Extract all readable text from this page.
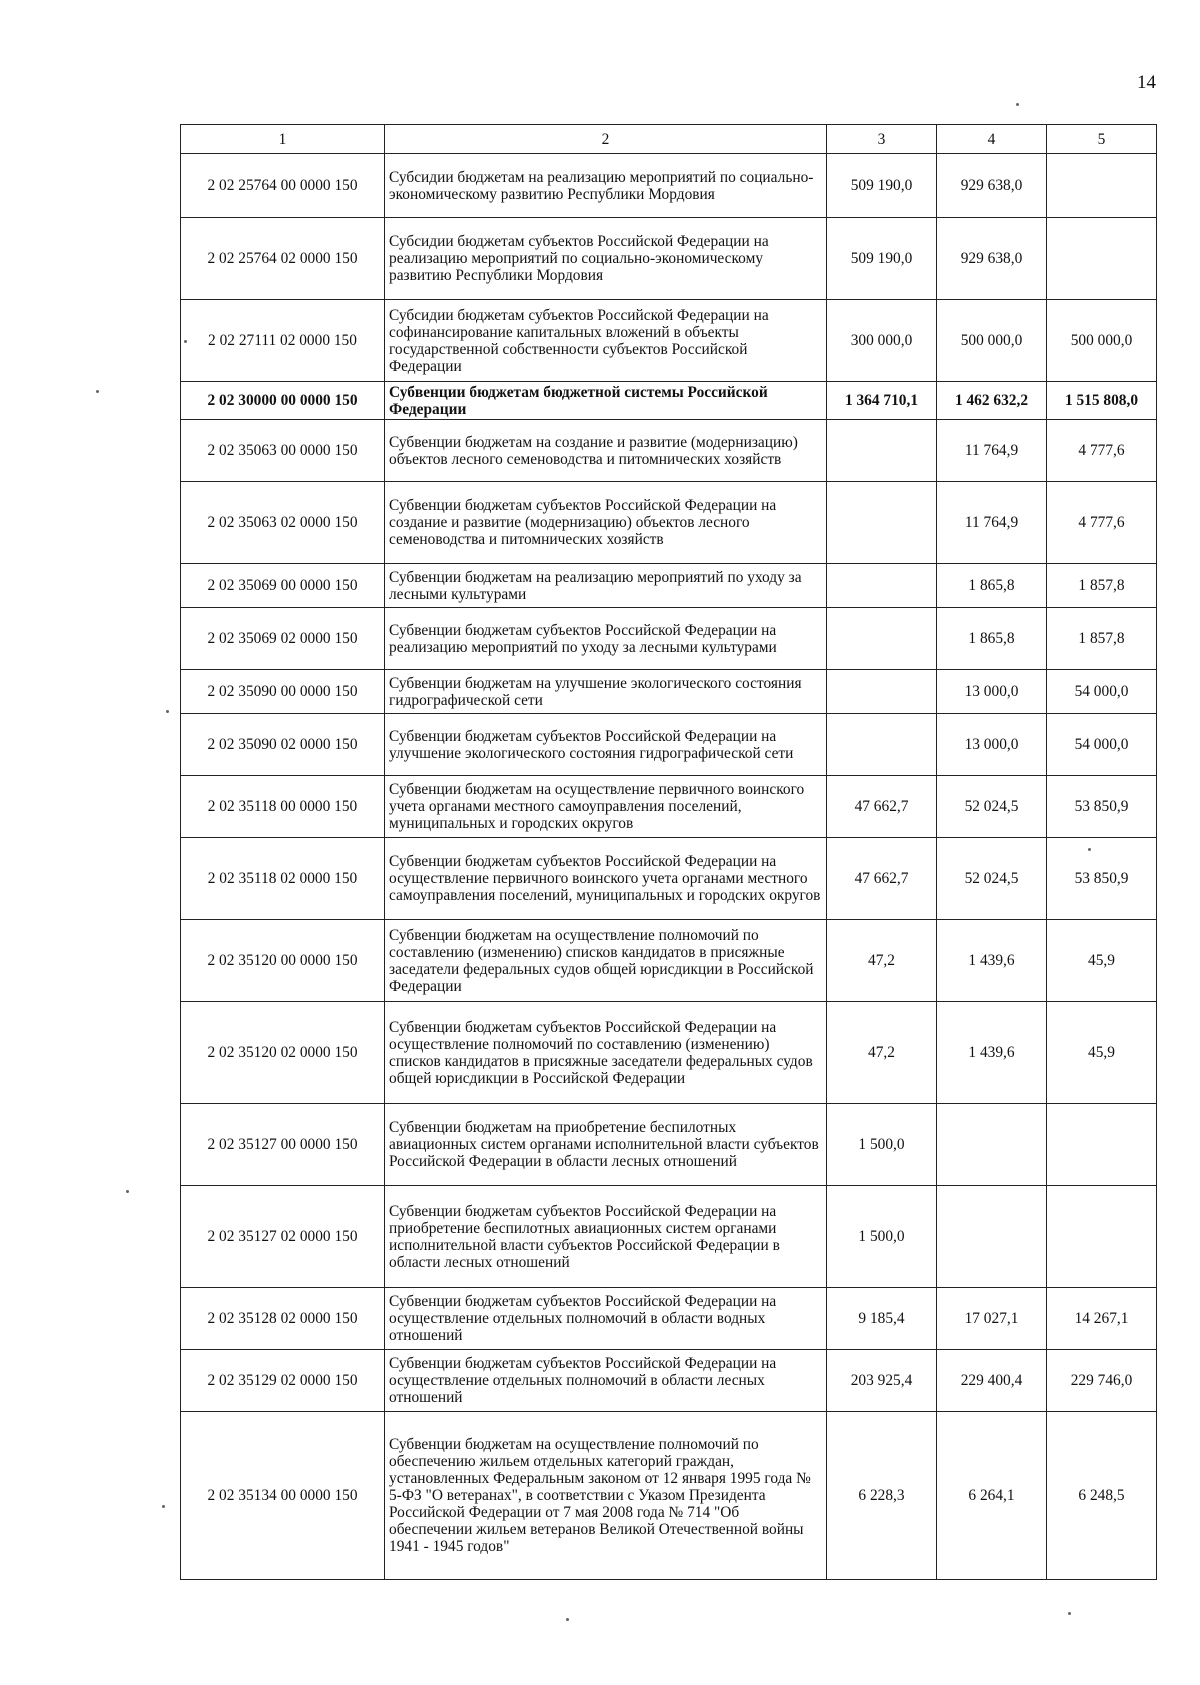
14
1	2	3	4	5
2 02 25764 00 0000 150	Субсидии бюджетам на реализацию мероприятий по социально-экономическому развитию Республики Мордовия	509 190,0	929 638,0	
2 02 25764 02 0000 150	Субсидии бюджетам субъектов Российской Федерации на реализацию мероприятий по социально-экономическому развитию Республики Мордовия	509 190,0	929 638,0	
2 02 27111 02 0000 150	Субсидии бюджетам субъектов Российской Федерации на софинансирование капитальных вложений в объекты государственной собственности субъектов Российской Федерации	300 000,0	500 000,0	500 000,0
2 02 30000 00 0000 150	Субвенции бюджетам бюджетной системы Российской Федерации	1 364 710,1	1 462 632,2	1 515 808,0
2 02 35063 00 0000 150	Субвенции бюджетам на создание и развитие (модернизацию) объектов лесного семеноводства и питомнических хозяйств		11 764,9	4 777,6
2 02 35063 02 0000 150	Субвенции бюджетам субъектов Российской Федерации на создание и развитие (модернизацию) объектов лесного семеноводства и питомнических хозяйств		11 764,9	4 777,6
2 02 35069 00 0000 150	Субвенции бюджетам на реализацию мероприятий по уходу за лесными культурами		1 865,8	1 857,8
2 02 35069 02 0000 150	Субвенции бюджетам субъектов Российской Федерации на реализацию мероприятий по уходу за лесными культурами		1 865,8	1 857,8
2 02 35090 00 0000 150	Субвенции бюджетам на улучшение экологического состояния гидрографической сети		13 000,0	54 000,0
2 02 35090 02 0000 150	Субвенции бюджетам субъектов Российской Федерации на улучшение экологического состояния гидрографической сети		13 000,0	54 000,0
2 02 35118 00 0000 150	Субвенции бюджетам на осуществление первичного воинского учета органами местного самоуправления поселений, муниципальных и городских округов	47 662,7	52 024,5	53 850,9
2 02 35118 02 0000 150	Субвенции бюджетам субъектов Российской Федерации на осуществление первичного воинского учета органами местного самоуправления поселений, муниципальных и городских округов	47 662,7	52 024,5	53 850,9
2 02 35120 00 0000 150	Субвенции бюджетам на осуществление полномочий по составлению (изменению) списков кандидатов в присяжные заседатели федеральных судов общей юрисдикции в Российской Федерации	47,2	1 439,6	45,9
2 02 35120 02 0000 150	Субвенции бюджетам субъектов Российской Федерации на осуществление полномочий по составлению (изменению) списков кандидатов в присяжные заседатели федеральных судов общей юрисдикции в Российской Федерации	47,2	1 439,6	45,9
2 02 35127 00 0000 150	Субвенции бюджетам на приобретение беспилотных авиационных систем органами исполнительной власти субъектов Российской Федерации в области лесных отношений	1 500,0		
2 02 35127 02 0000 150	Субвенции бюджетам субъектов Российской Федерации на приобретение беспилотных авиационных систем органами исполнительной власти субъектов Российской Федерации в области лесных отношений	1 500,0		
2 02 35128 02 0000 150	Субвенции бюджетам субъектов Российской Федерации на осуществление отдельных полномочий в области водных отношений	9 185,4	17 027,1	14 267,1
2 02 35129 02 0000 150	Субвенции бюджетам субъектов Российской Федерации на осуществление отдельных полномочий в области лесных отношений	203 925,4	229 400,4	229 746,0
2 02 35134 00 0000 150	Субвенции бюджетам на осуществление полномочий по обеспечению жильем отдельных категорий граждан, установленных Федеральным законом от 12 января 1995 года № 5-ФЗ "О ветеранах", в соответствии с Указом Президента Российской Федерации от 7 мая 2008 года № 714 "Об обеспечении жильем ветеранов Великой Отечественной войны 1941 - 1945 годов"	6 228,3	6 264,1	6 248,5
